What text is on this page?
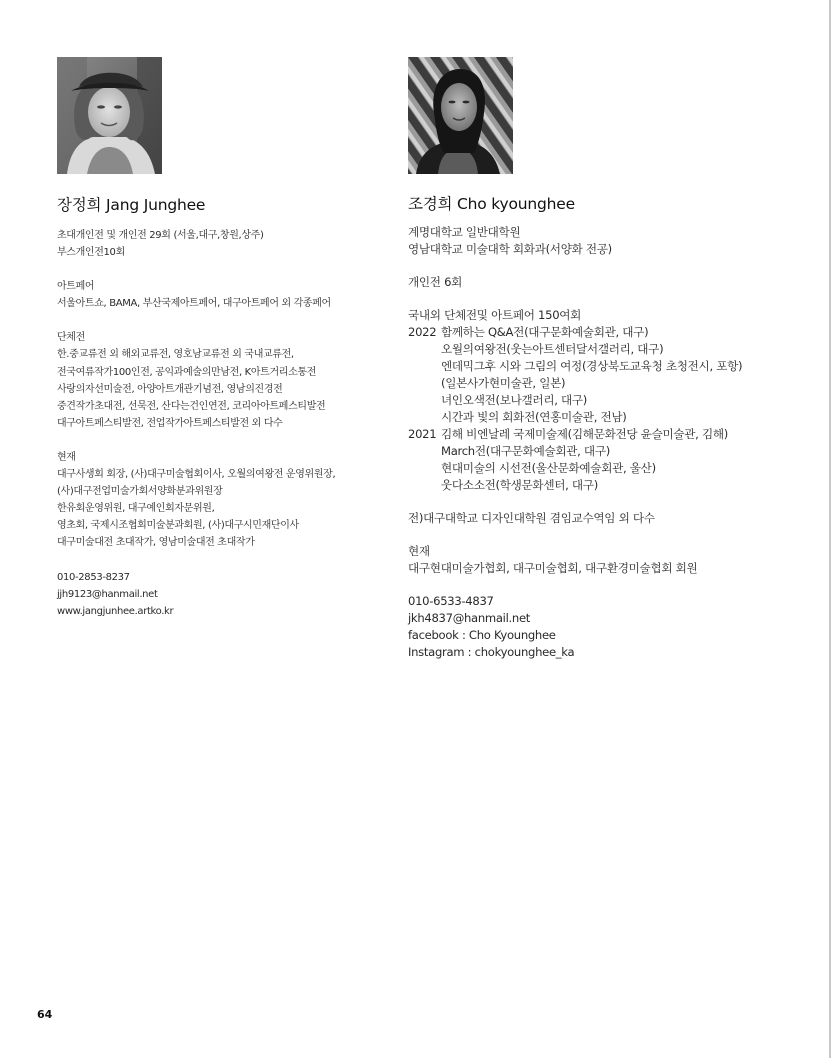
장정희 Jang Junghee
초대개인전 및 개인전 29회 (서울,대구,창원,상주)
부스개인전10회
아트페어
서울아트쇼, BAMA, 부산국제아트페어, 대구아트페어 외 각종페어
단체전
한.중교류전 외 해외교류전, 영호남교류전 외 국내교류전,
전국여류작가100인전, 공익과예술의만남전, K아트거리소통전
사랑의자선미술전, 아양아트개관기념전, 영남의진경전
중견작가초대전, 선묵전, 산다는건인연전, 코리아아트페스티발전
대구아트페스티발전, 전업작가아트페스티발전 외 다수
현재
대구사생회 회장, (사)대구미술협회이사, 오월의여왕전 운영위원장,
(사)대구전업미술가회서양화분과위원장
한유회운영위원, 대구예인회자문위원,
영초회, 국제시조협회미술분과회원, (사)대구시민재단이사
대구미술대전 초대작가, 영남미술대전 초대작가
010-2853-8237
jjh9123@hanmail.net
www.jangjunhee.artko.kr
조경희 Cho kyounghee
계명대학교 일반대학원
영남대학교 미술대학 회화과(서양화 전공)
개인전 6회
국내외 단체전및 아트페어 150여회
2022 함께하는 Q&A전(대구문화예술회관, 대구)
오월의여왕전(웃는아트센터달서갤러리, 대구)
엔데믹그후 시와 그림의 여정(경상북도교육청 초청전시, 포항)
(일본사가현미술관, 일본)
녀인오색전(보나갤러리, 대구)
시간과 빛의 회화전(연홍미술관, 전남)
2021 김해 비엔날레 국제미술제(김해문화전당 윤슬미술관, 김해)
March전(대구문화예술회관, 대구)
현대미술의 시선전(울산문화예술회관, 울산)
웃다소소전(학생문화센터, 대구)
전)대구대학교 디자인대학원 겸임교수역임 외 다수
현재
대구현대미술가협회, 대구미술협회, 대구환경미술협회 회원
010-6533-4837
jkh4837@hanmail.net
facebook : Cho Kyounghee
Instagram : chokyounghee_ka
64
